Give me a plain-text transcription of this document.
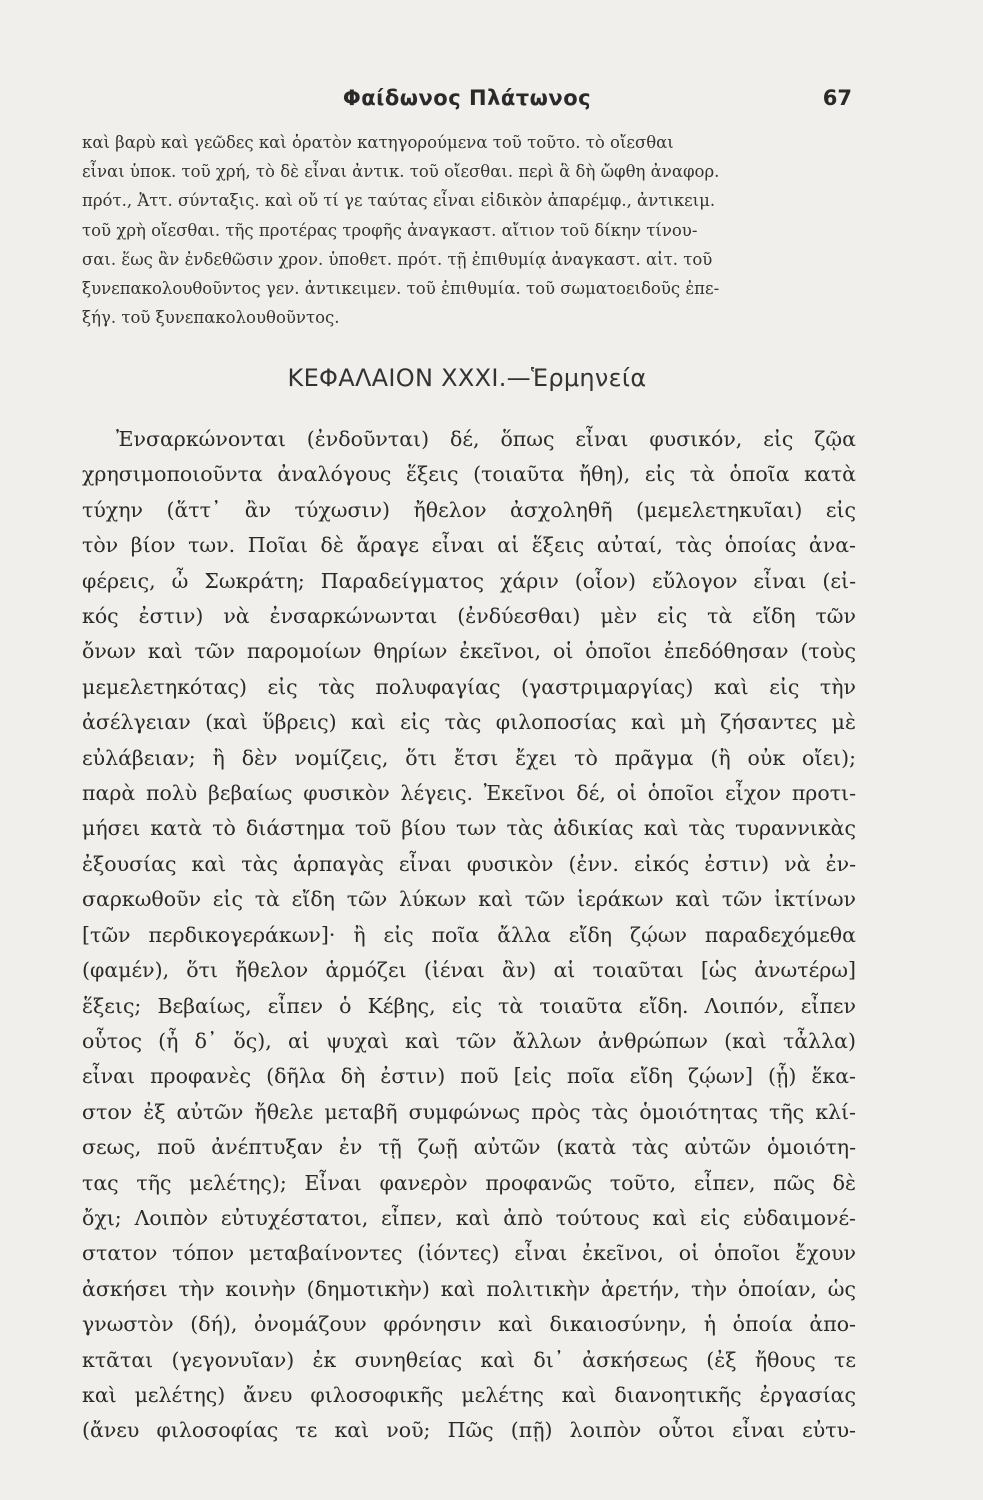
Φαίδωνος Πλάτωνος	67
καὶ βαρὺ καὶ γεῶδες καὶ ὁρατὸν κατηγορούμενα τοῦ τοῦτο. τὸ οἴεσθαι
εἶναι ὑποκ. τοῦ χρή, τὸ δὲ εἶναι ἀντικ. τοῦ οἴεσθαι. περὶ ἃ δὴ ὤφθη ἀναφορ.
πρότ., Ἀττ. σύνταξις. καὶ οὔ τί γε ταύτας εἶναι εἰδικὸν ἀπαρέμφ., ἀντικειμ.
τοῦ χρὴ οἴεσθαι. τῆς προτέρας τροφῆς ἀναγκαστ. αἴτιον τοῦ δίκην τίνου-
σαι. ἕως ἂν ἐνδεθῶσιν χρον. ὑποθετ. πρότ. τῇ ἐπιθυμίᾳ ἀναγκαστ. αἰτ. τοῦ
ξυνεπακολουθοῦντος γεν. ἀντικειμεν. τοῦ ἐπιθυμία. τοῦ σωματοειδοῦς ἐπε-
ξήγ. τοῦ ξυνεπακολουθοῦντος.
ΚΕΦΑΛΑΙΟΝ XXXI.—Ἑρμηνεία
Ἐνσαρκώνονται (ἐνδοῦνται) δέ, ὅπως εἶναι φυσικόν, εἰς ζῷα
χρησιμοποιοῦντα ἀναλόγους ἕξεις (τοιαῦτα ἤθη), εἰς τὰ ὁποῖα κατὰ
τύχην (ἅττ᾽ ἂν τύχωσιν) ἤθελον ἀσχοληθῆ (μεμελετηκυῖαι) εἰς
τὸν βίον των. Ποῖαι δὲ ἄραγε εἶναι αἱ ἕξεις αὐταί, τὰς ὁποίας ἀνα-
φέρεις, ὦ Σωκράτη; Παραδείγματος χάριν (οἷον) εὔλογον εἶναι (εἰ-
κός ἐστιν) νὰ ἐνσαρκώνωνται (ἐνδύεσθαι) μὲν εἰς τὰ εἴδη τῶν
ὄνων καὶ τῶν παρομοίων θηρίων ἐκεῖνοι, οἱ ὁποῖοι ἐπεδόθησαν (τοὺς
μεμελετηκότας) εἰς τὰς πολυφαγίας (γαστριμαργίας) καὶ εἰς τὴν
ἀσέλγειαν (καὶ ὕβρεις) καὶ εἰς τὰς φιλοποσίας καὶ μὴ ζήσαντες μὲ
εὐλάβειαν; ἢ δὲν νομίζεις, ὅτι ἔτσι ἔχει τὸ πρᾶγμα (ἢ οὐκ οἴει);
παρὰ πολὺ βεβαίως φυσικὸν λέγεις. Ἐκεῖνοι δέ, οἱ ὁποῖοι εἶχον προτι-
μήσει κατὰ τὸ διάστημα τοῦ βίου των τὰς ἀδικίας καὶ τὰς τυραννικὰς
ἐξουσίας καὶ τὰς ἁρπαγὰς εἶναι φυσικὸν (ἐνν. εἰκός ἐστιν) νὰ ἐν-
σαρκωθοῦν εἰς τὰ εἴδη τῶν λύκων καὶ τῶν ἱεράκων καὶ τῶν ἰκτίνων
[τῶν περδικογεράκων]· ἢ εἰς ποῖα ἄλλα εἴδη ζῴων παραδεχόμεθα
(φαμέν), ὅτι ἤθελον ἁρμόζει (ἰέναι ἂν) αἱ τοιαῦται [ὡς ἀνωτέρω]
ἕξεις; Βεβαίως, εἶπεν ὁ Κέβης, εἰς τὰ τοιαῦτα εἴδη. Λοιπόν, εἶπεν
οὗτος (ἦ δ᾽ ὅς), αἱ ψυχαὶ καὶ τῶν ἄλλων ἀνθρώπων (καὶ τἆλλα)
εἶναι προφανὲς (δῆλα δὴ ἐστιν) ποῦ [εἰς ποῖα εἴδη ζῴων] (ᾗ) ἕκα-
στον ἐξ αὐτῶν ἤθελε μεταβῆ συμφώνως πρὸς τὰς ὁμοιότητας τῆς κλί-
σεως, ποῦ ἀνέπτυξαν ἐν τῇ ζωῇ αὐτῶν (κατὰ τὰς αὐτῶν ὁμοιότη-
τας τῆς μελέτης); Εἶναι φανερὸν προφανῶς τοῦτο, εἶπεν, πῶς δὲ
ὄχι; Λοιπὸν εὐτυχέστατοι, εἶπεν, καὶ ἀπὸ τούτους καὶ εἰς εὐδαιμονέ-
στατον τόπον μεταβαίνοντες (ἰόντες) εἶναι ἐκεῖνοι, οἱ ὁποῖοι ἔχουν
ἀσκήσει τὴν κοινὴν (δημοτικὴν) καὶ πολιτικὴν ἀρετήν, τὴν ὁποίαν, ὡς
γνωστὸν (δή), ὀνομάζουν φρόνησιν καὶ δικαιοσύνην, ἡ ὁποία ἀπο-
κτᾶται (γεγονυῖαν) ἐκ συνηθείας καὶ δι᾽ ἀσκήσεως (ἐξ ἤθους τε
καὶ μελέτης) ἄνευ φιλοσοφικῆς μελέτης καὶ διανοητικῆς ἐργασίας
(ἄνευ φιλοσοφίας τε καὶ νοῦ; Πῶς (πῇ) λοιπὸν οὗτοι εἶναι εὐτυ-
